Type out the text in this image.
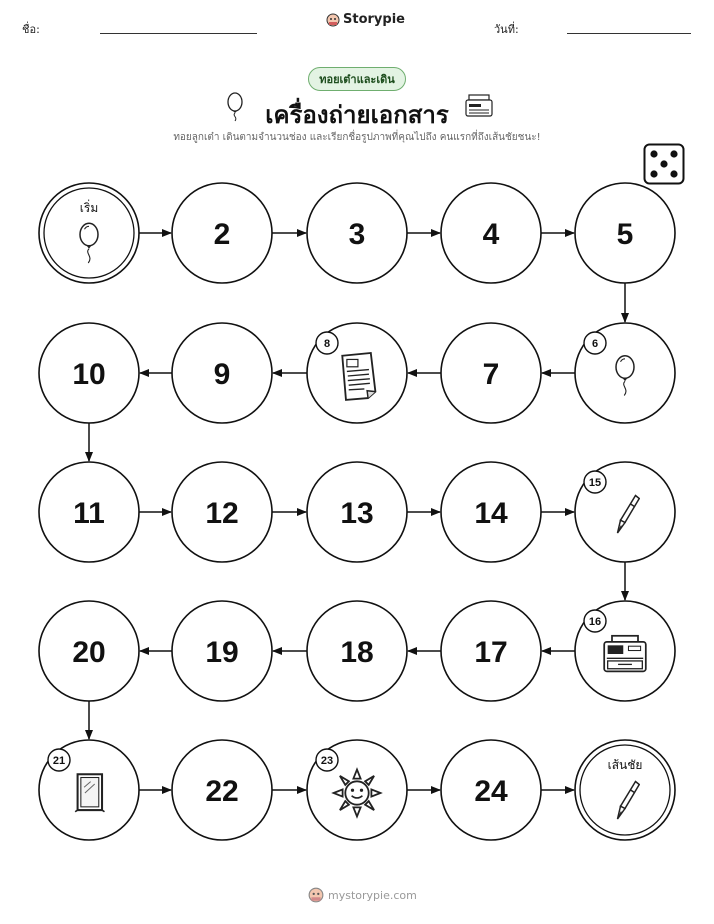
ชื่อ:
Storypie
วันที่:
ทอยเต๋าและเดิน
เครื่องถ่ายเอกสาร
ทอยลูกเต๋า เดินตามจำนวนช่อง และเรียกชื่อรูปภาพที่คุณไปถึง คนแรกที่ถึงเส้นชัยชนะ!
เริ่ม
2	3	4	5
6
7
8
9
10
11	12	13	14
15
16
17
18
19
20
21
22
23
24
เส้นชัย
mystorypie.com
